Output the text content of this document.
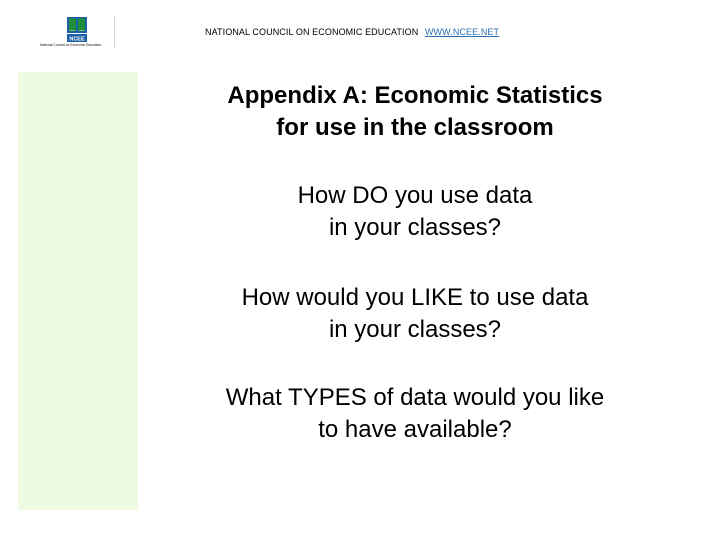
NCEE
National Council on Economic Education
NATIONAL COUNCIL ON ECONOMIC EDUCATION WWW.NCEE.NET
Appendix A: Economic Statistics
for use in the classroom

How DO you use data
in your classes?

How would you LIKE to use data
in your classes?

What TYPES of data would you like
to have available?
